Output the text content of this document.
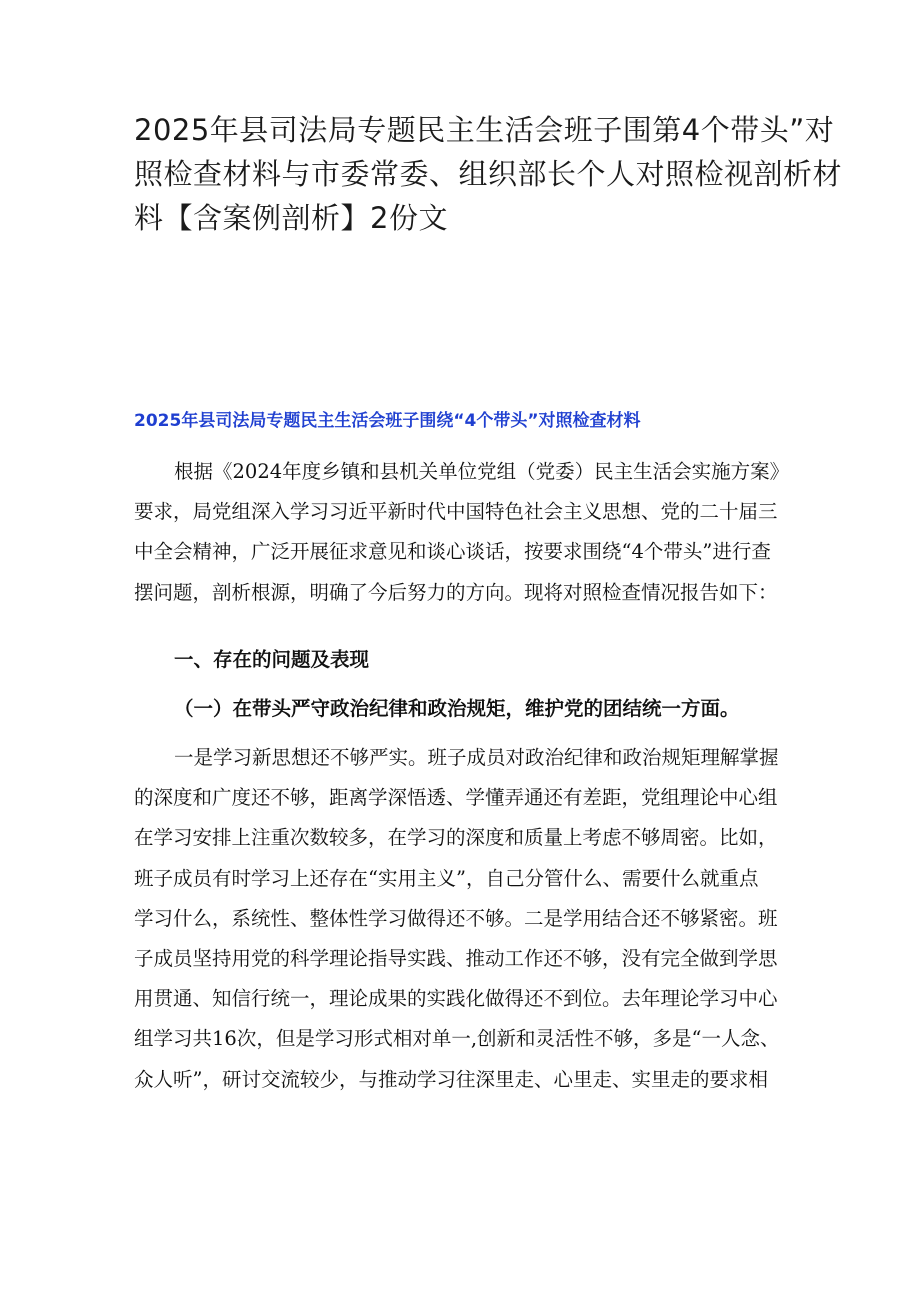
2025年县司法局专题民主生活会班子围第4个带头”对
照检查材料与市委常委、组织部长个人对照检视剖析材
料【含案例剖析】2份文
2025年县司法局专题民主生活会班子围绕“4个带头”对照检查材料
根据《2024年度乡镇和县机关单位党组（党委）民主生活会实施方案》
要求，局党组深入学习习近平新时代中国特色社会主义思想、党的二十届三
中全会精神，广泛开展征求意见和谈心谈话，按要求围绕“4个带头”进行查
摆问题，剖析根源，明确了今后努力的方向。现将对照检查情况报告如下：
一、存在的问题及表现
（一）在带头严守政治纪律和政治规矩，维护党的团结统一方面。
一是学习新思想还不够严实。班子成员对政治纪律和政治规矩理解掌握
的深度和广度还不够，距离学深悟透、学懂弄通还有差距，党组理论中心组
在学习安排上注重次数较多，在学习的深度和质量上考虑不够周密。比如，
班子成员有时学习上还存在“实用主义”，自己分管什么、需要什么就重点
学习什么，系统性、整体性学习做得还不够。二是学用结合还不够紧密。班
子成员坚持用党的科学理论指导实践、推动工作还不够，没有完全做到学思
用贯通、知信行统一，理论成果的实践化做得还不到位。去年理论学习中心
组学习共16次，但是学习形式相对单一,创新和灵活性不够，多是“一人念、
众人听”，研讨交流较少，与推动学习往深里走、心里走、实里走的要求相
